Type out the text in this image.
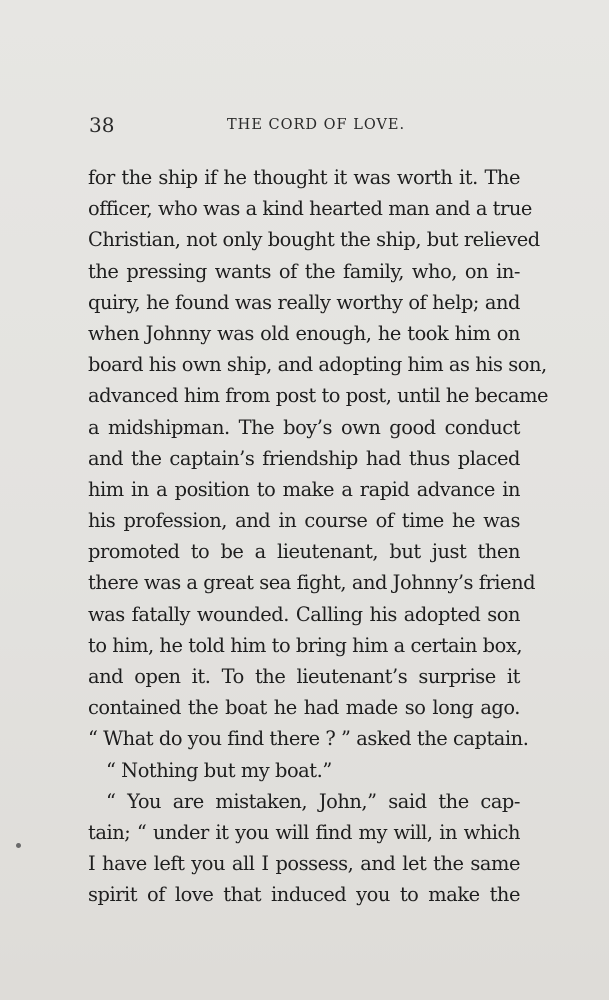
38	THE CORD OF LOVE.
for the ship if he thought it was worth it. The
officer, who was a kind hearted man and a true
Christian, not only bought the ship, but relieved
the pressing wants of the family, who, on in-
quiry, he found was really worthy of help; and
when Johnny was old enough, he took him on
board his own ship, and adopting him as his son,
advanced him from post to post, until he became
a midshipman. The boy’s own good conduct
and the captain’s friendship had thus placed
him in a position to make a rapid advance in
his profession, and in course of time he was
promoted to be a lieutenant, but just then
there was a great sea fight, and Johnny’s friend
was fatally wounded. Calling his adopted son
to him, he told him to bring him a certain box,
and open it. To the lieutenant’s surprise it
contained the boat he had made so long ago.
“ What do you find there ? ” asked the captain.
“ Nothing but my boat.”
“ You are mistaken, John,” said the cap-
tain; “ under it you will find my will, in which
I have left you all I possess, and let the same
spirit of love that induced you to make the
